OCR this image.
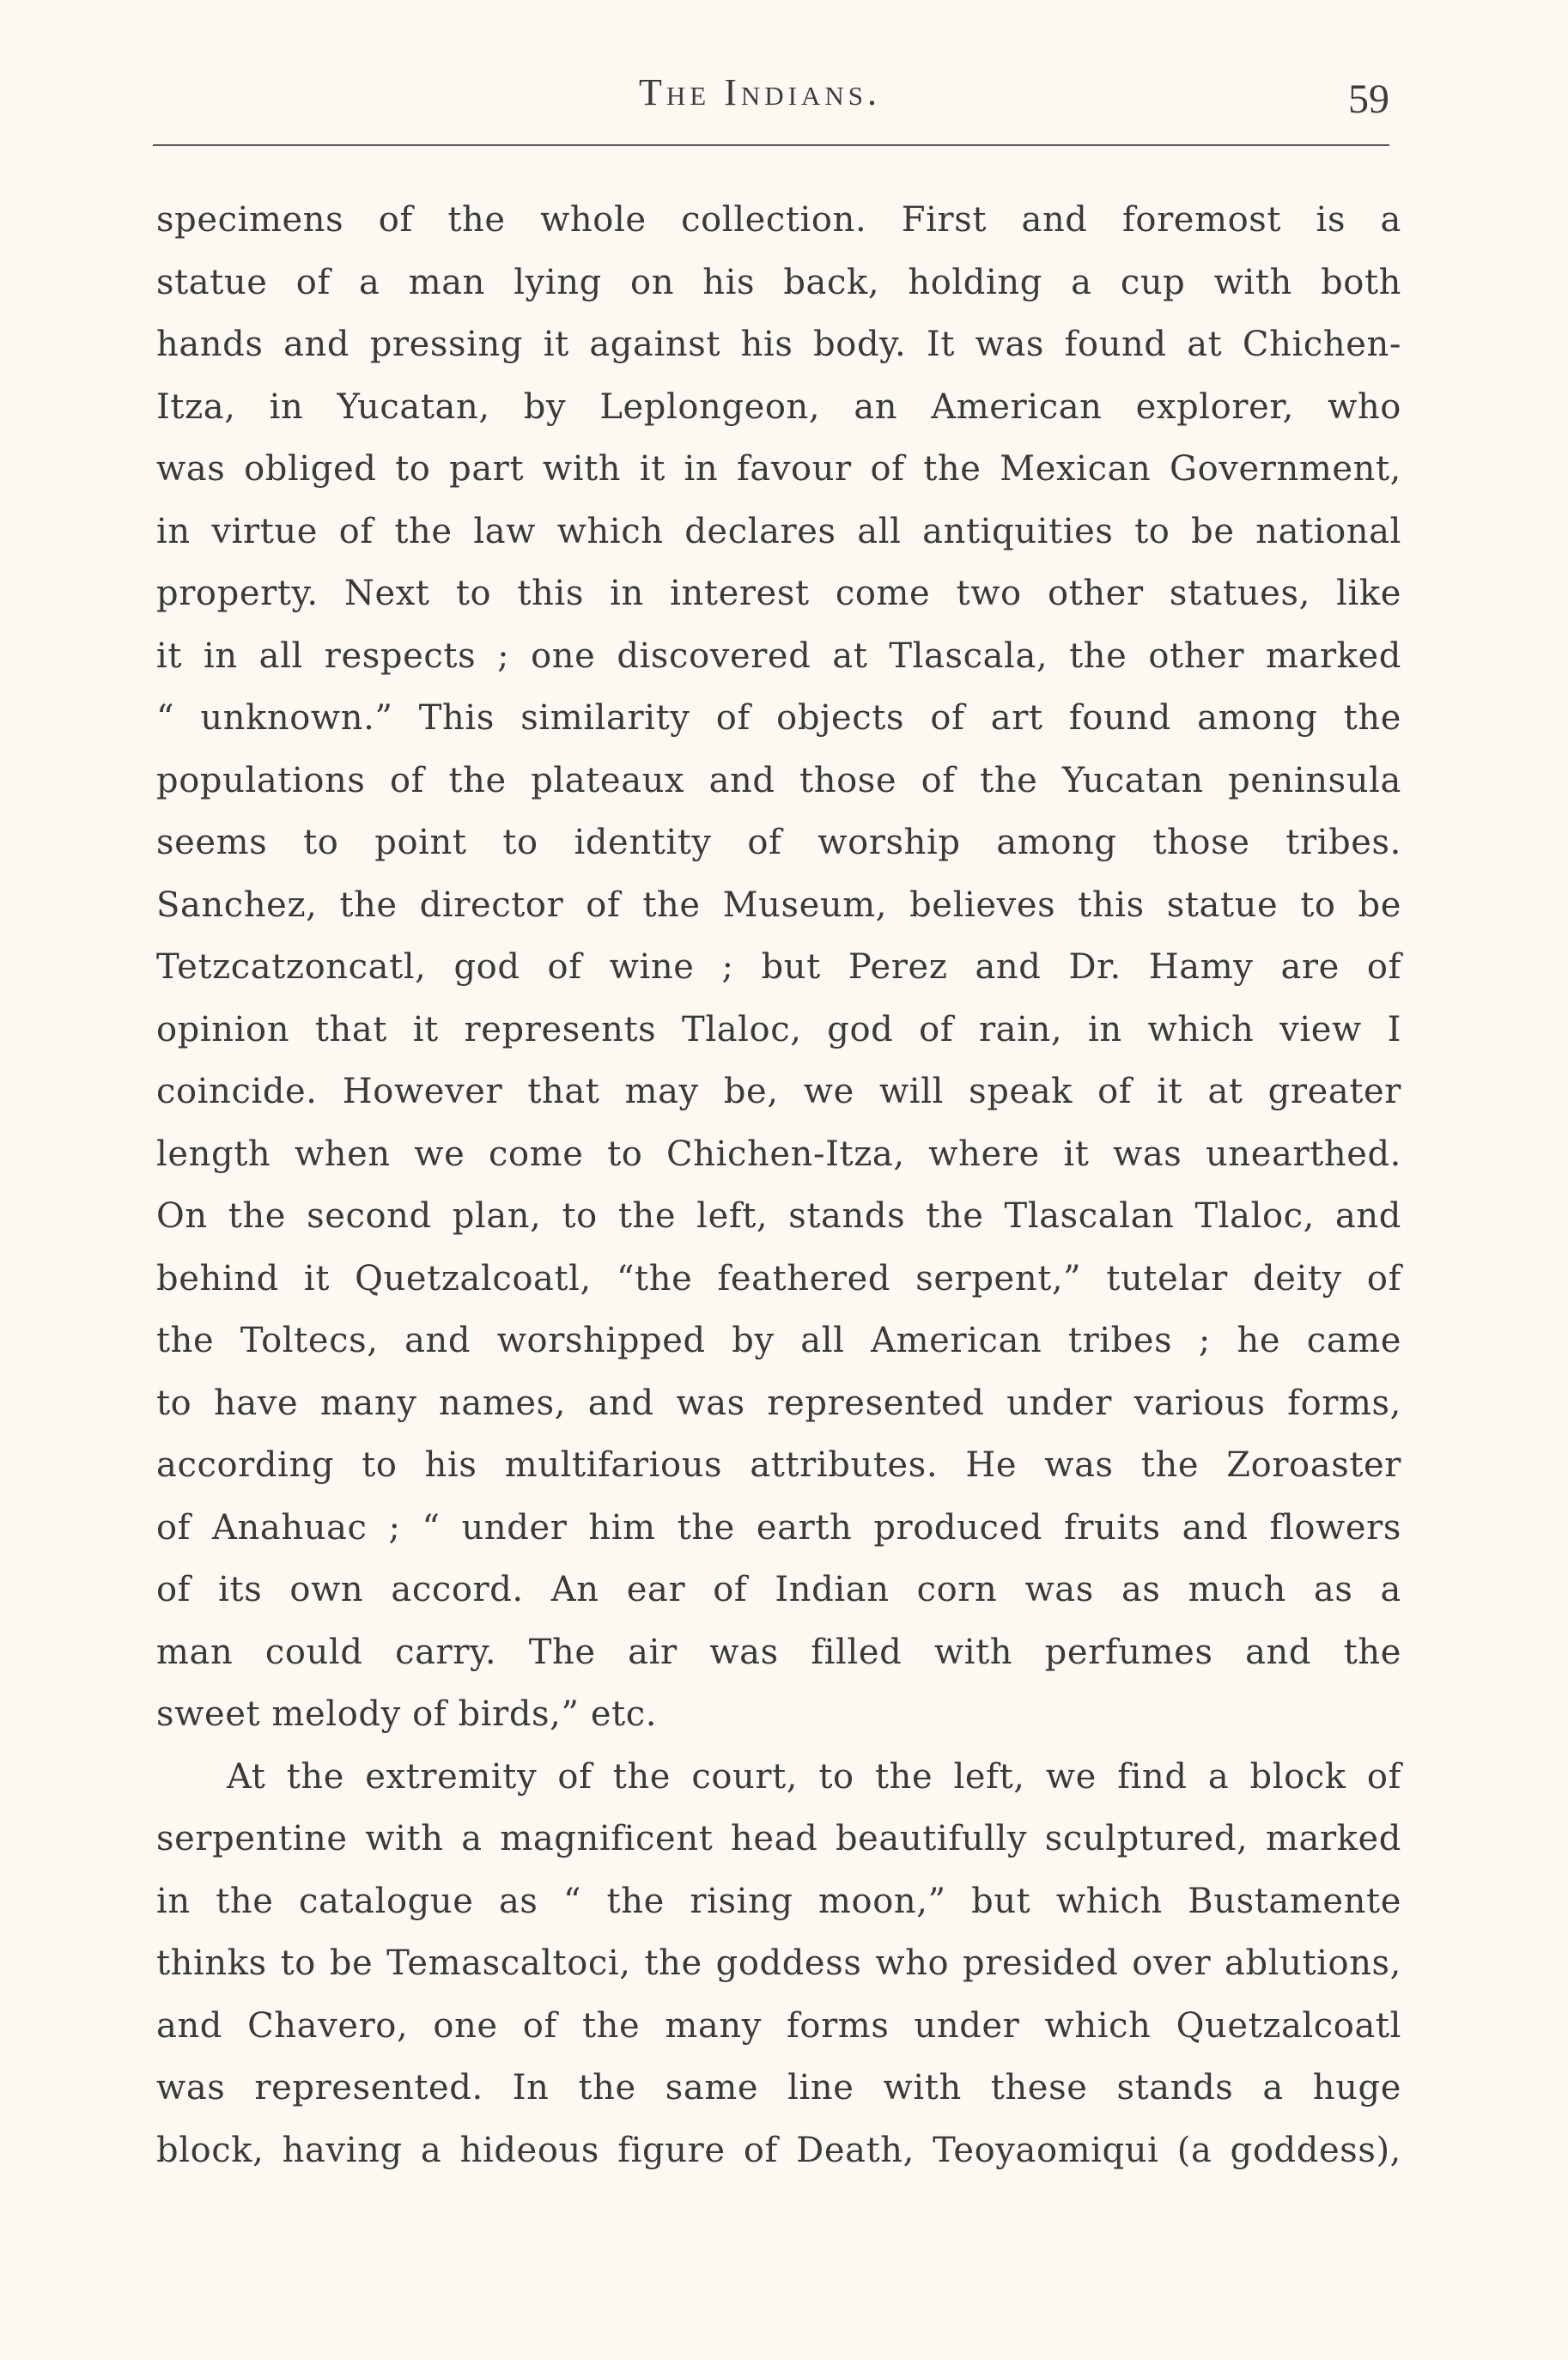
The Indians.	59
specimens of the whole collection. First and foremost is a
statue of a man lying on his back, holding a cup with both
hands and pressing it against his body. It was found at Chichen-
Itza, in Yucatan, by Leplongeon, an American explorer, who
was obliged to part with it in favour of the Mexican Government,
in virtue of the law which declares all antiquities to be national
property. Next to this in interest come two other statues, like
it in all respects ; one discovered at Tlascala, the other marked
“ unknown.” This similarity of objects of art found among the
populations of the plateaux and those of the Yucatan peninsula
seems to point to identity of worship among those tribes.
Sanchez, the director of the Museum, believes this statue to be
Tetzcatzoncatl, god of wine ; but Perez and Dr. Hamy are of
opinion that it represents Tlaloc, god of rain, in which view I
coincide. However that may be, we will speak of it at greater
length when we come to Chichen-Itza, where it was unearthed.
On the second plan, to the left, stands the Tlascalan Tlaloc, and
behind it Quetzalcoatl, “the feathered serpent,” tutelar deity of
the Toltecs, and worshipped by all American tribes ; he came
to have many names, and was represented under various forms,
according to his multifarious attributes. He was the Zoroaster
of Anahuac ; “ under him the earth produced fruits and flowers
of its own accord. An ear of Indian corn was as much as a
man could carry. The air was filled with perfumes and the
sweet melody of birds,” etc.
At the extremity of the court, to the left, we find a block of
serpentine with a magnificent head beautifully sculptured, marked
in the catalogue as “ the rising moon,” but which Bustamente
thinks to be Temascaltoci, the goddess who presided over ablutions,
and Chavero, one of the many forms under which Quetzalcoatl
was represented. In the same line with these stands a huge
block, having a hideous figure of Death, Teoyaomiqui (a goddess),
